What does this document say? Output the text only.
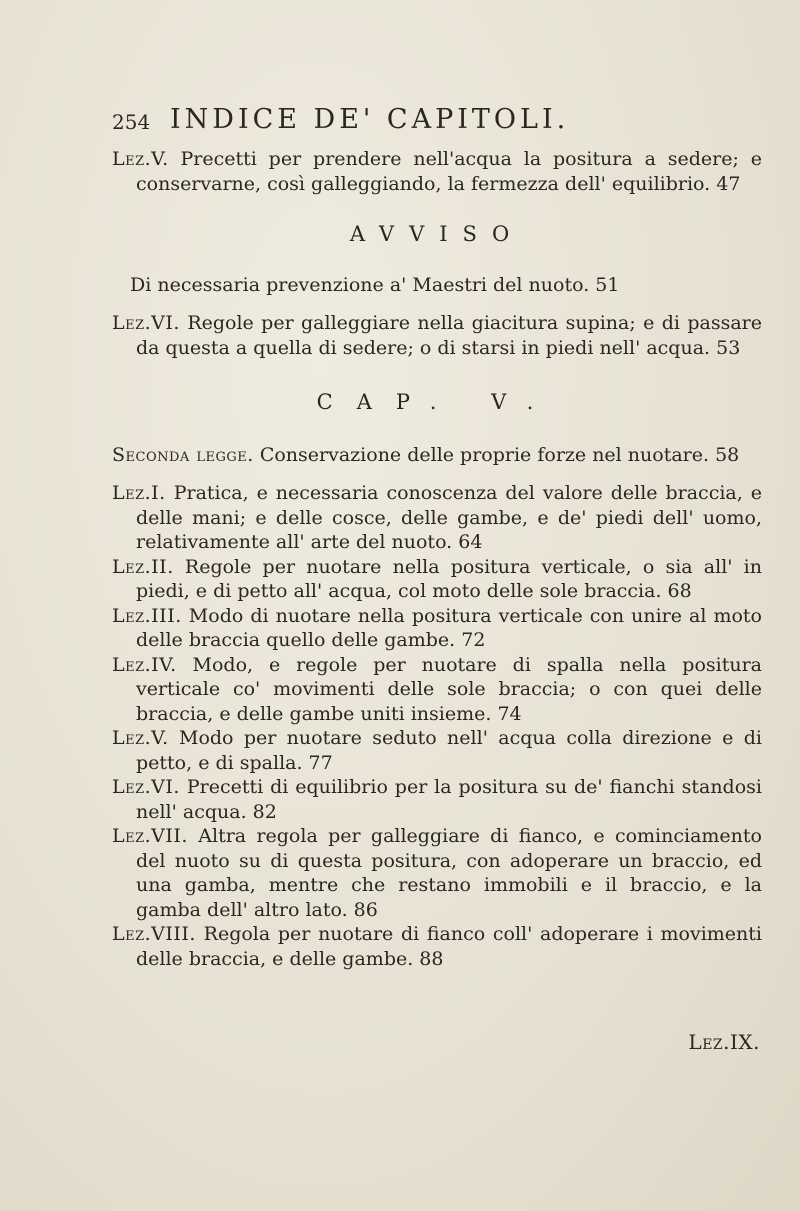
254 INDICE DE' CAPITOLI.

Lez.V. Precetti per prendere nell'acqua la positura a sedere; e conservarne, così galleggiando, la fermezza dell' equilibrio. 47

AVVISO

Di necessaria prevenzione a' Maestri del nuoto. 51

Lez.VI. Regole per galleggiare nella giacitura supina; e di passare da questa a quella di sedere; o di starsi in piedi nell' acqua. 53

CAP. V.

Seconda legge. Conservazione delle proprie forze nel nuotare. 58

Lez.I. Pratica, e necessaria conoscenza del valore delle braccia, e delle mani; e delle cosce, delle gambe, e de' piedi dell' uomo, relativamente all' arte del nuoto. 64

Lez.II. Regole per nuotare nella positura verticale, o sia all' in piedi, e di petto all' acqua, col moto delle sole braccia. 68

Lez.III. Modo di nuotare nella positura verticale con unire al moto delle braccia quello delle gambe. 72

Lez.IV. Modo, e regole per nuotare di spalla nella positura verticale co' movimenti delle sole braccia; o con quei delle braccia, e delle gambe uniti insieme. 74

Lez.V. Modo per nuotare seduto nell' acqua colla direzione e di petto, e di spalla. 77

Lez.VI. Precetti di equilibrio per la positura su de' fianchi standosi nell' acqua. 82

Lez.VII. Altra regola per galleggiare di fianco, e cominciamento del nuoto su di questa positura, con adoperare un braccio, ed una gamba, mentre che restano immobili e il braccio, e la gamba dell' altro lato. 86

Lez.VIII. Regola per nuotare di fianco coll' adoperare i movimenti delle braccia, e delle gambe. 88

Lez.IX.
